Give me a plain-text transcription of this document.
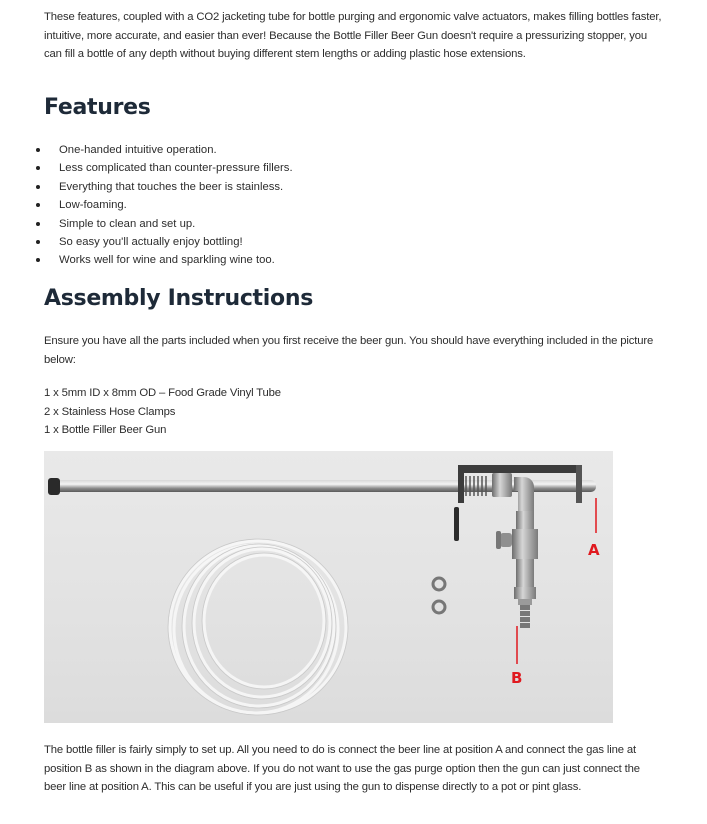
These features, coupled with a CO2 jacketing tube for bottle purging and ergonomic valve actuators, makes filling bottles faster, intuitive, more accurate, and easier than ever! Because the Bottle Filler Beer Gun doesn't require a pressurizing stopper, you can fill a bottle of any depth without buying different stem lengths or adding plastic hose extensions.

Features
One-handed intuitive operation.
Less complicated than counter-pressure fillers.
Everything that touches the beer is stainless.
Low-foaming.
Simple to clean and set up.
So easy you'll actually enjoy bottling!
Works well for wine and sparkling wine too.
Assembly Instructions

Ensure you have all the parts included when you first receive the beer gun. You should have everything included in the picture below:

1 x 5mm ID x 8mm OD – Food Grade Vinyl Tube
2 x Stainless Hose Clamps
1 x Bottle Filler Beer Gun
A
B

The bottle filler is fairly simply to set up. All you need to do is connect the beer line at position A and connect the gas line at position B as shown in the diagram above. If you do not want to use the gas purge option then the gun can just connect the beer line at position A. This can be useful if you are just using the gun to dispense directly to a pot or pint glass.
